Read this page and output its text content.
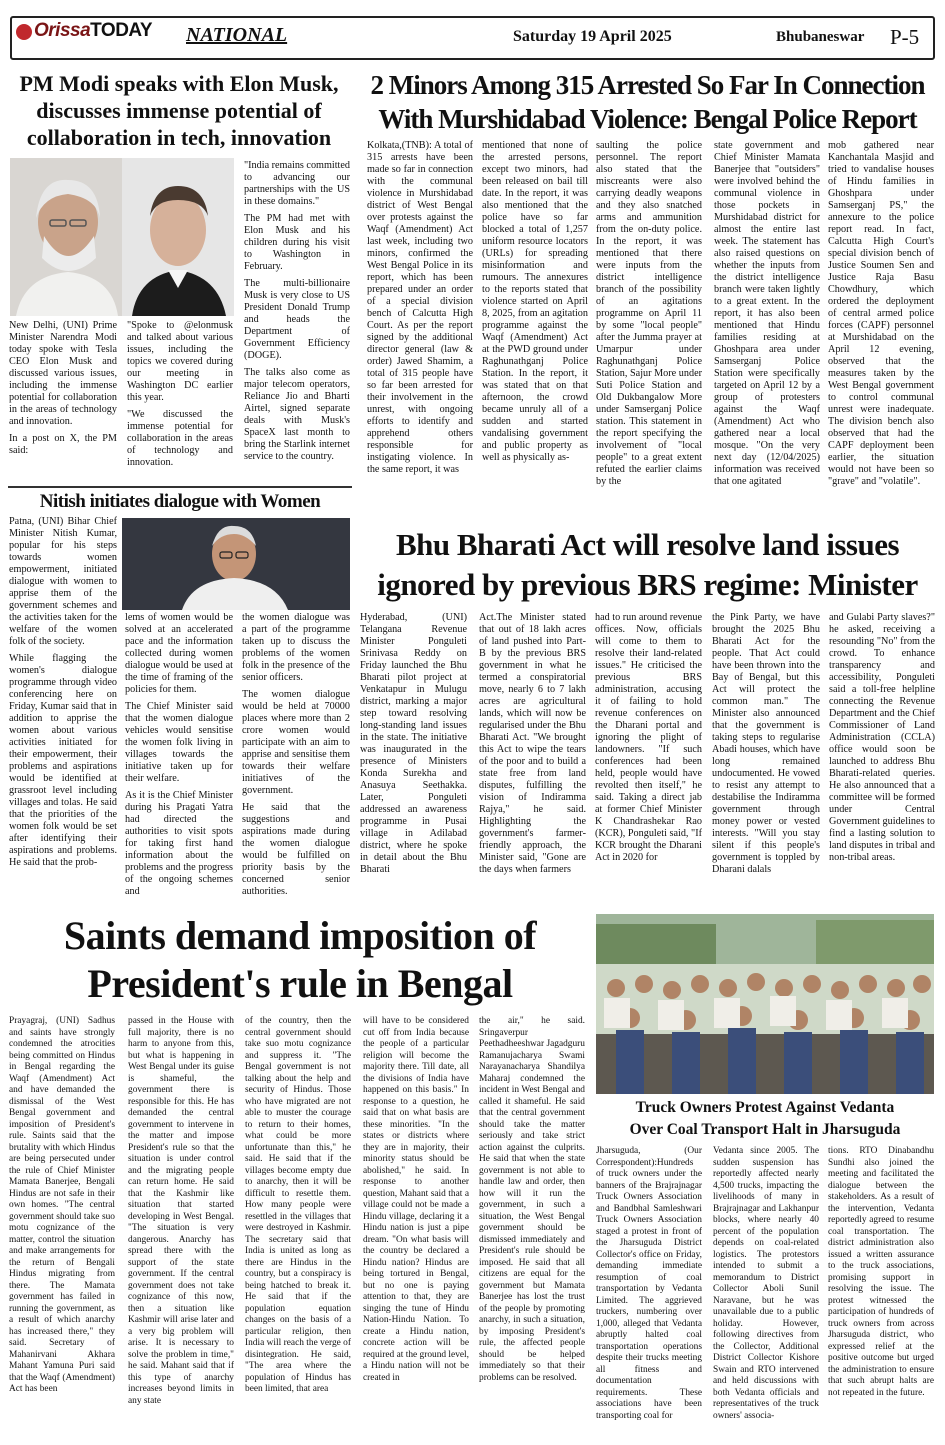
OrissaTODAY NATIONAL	Saturday 19 April 2025	Bhubaneswar P-5
PM Modi speaks with Elon Musk, discusses immense potential of collaboration in tech, innovation

New Delhi, (UNI) Prime Minister Narendra Modi today spoke with Tesla CEO Elon Musk and discussed various issues, including the immense potential for collaboration in the areas of technology and innovation.

In a post on X, the PM said:

"Spoke to @elonmusk and talked about various issues, including the topics we covered during our meeting in Washington DC earlier this year.

"We discussed the immense potential for collaboration in the areas of technology and innovation.

"India remains committed to advancing our partnerships with the US in these domains."

The PM had met with Elon Musk and his children during his visit to Washington in February.

The multi-billionaire Musk is very close to US President Donald Trump and heads the Department of Government Efficiency (DOGE).

The talks also come as major telecom operators, Reliance Jio and Bharti Airtel, signed separate deals with Musk's SpaceX last month to bring the Starlink internet service to the country.

2 Minors Among 315 Arrested So Far In Connection
With Murshidabad Violence: Bengal Police Report
Kolkata,(TNB): A total of 315 arrests have been made so far in connection with the communal violence in Murshidabad district of West Bengal over protests against the Waqf (Amendment) Act last week, including two minors, confirmed the West Bengal Police in its report, which has been prepared under an order of a special division bench of Calcutta High Court. As per the report signed by the additional director general (law & order) Jawed Shamim, a total of 315 people have so far been arrested for their involvement in the unrest, with ongoing efforts to identify and apprehend others responsible for instigating violence. In the same report, it was
mentioned that none of the arrested persons, except two minors, had been released on bail till date. In the report, it was also mentioned that the police have so far blocked a total of 1,257 uniform resource locators (URLs) for spreading misinformation and rumours. The annexures to the reports stated that violence started on April 8, 2025, from an agitation programme against the Waqf (Amendment) Act at the PWD ground under Raghunathganj Police Station. In the report, it was stated that on that afternoon, the crowd became unruly all of a sudden and started vandalising government and public property as well as physically as-
saulting the police personnel. The report also stated that the miscreants were also carrying deadly weapons and they also snatched arms and ammunition from the on-duty police. In the report, it was mentioned that there were inputs from the district intelligence branch of the possibility of an agitations programme on April 11 by some "local people" after the Jumma prayer at Umarpur under Raghunathganj Police Station, Sajur More under Suti Police Station and Old Dukbangalow More under Samserganj Police station. This statement in the report specifying the involvement of "local people" to a great extent refuted the earlier claims by the
state government and Chief Minister Mamata Banerjee that "outsiders" were involved behind the communal violence in those pockets in Murshidabad district for almost the entire last week. The statement has also raised questions on whether the inputs from the district intelligence branch were taken lightly to a great extent. In the report, it has also been mentioned that Hindu families residing at Ghoshpara area under Samserganj Police Station were specifically targeted on April 12 by a group of protesters against the Waqf (Amendment) Act who gathered near a local mosque. "On the very next day (12/04/2025) information was received that one agitated
mob gathered near Kanchantala Masjid and tried to vandalise houses of Hindu families in Ghoshpara under Samserganj PS," the annexure to the police report read. In fact, Calcutta High Court's special division bench of Justice Soumen Sen and Justice Raja Basu Chowdhury, which ordered the deployment of central armed police forces (CAPF) personnel at Murshidabad on the April 12 evening, observed that the measures taken by the West Bengal government to control communal unrest were inadequate. The division bench also observed that had the CAPF deployment been earlier, the situation would not have been so "grave" and "volatile".
Nitish initiates dialogue with Women

Patna, (UNI) Bihar Chief Minister Nitish Kumar, popular for his steps towards women empowerment, initiated dialogue with women to apprise them of the government schemes and the activities taken for the welfare of the women folk of the society.

While flagging the women's dialogue programme through video conferencing here on Friday, Kumar said that in addition to apprise the women about various activities initiated for their empowerment, their problems and aspirations would be identified at grassroot level including villages and tolas. He said that the priorities of the women folk would be set after identifying their aspirations and problems. He said that the prob-

lems of women would be solved at an accelerated pace and the information collected during women dialogue would be used at the time of framing of the policies for them.

The Chief Minister said that the women dialogue vehicles would sensitise the women folk living in villages towards the initiative taken up for their welfare.

As it is the Chief Minister during his Pragati Yatra had directed the authorities to visit spots for taking first hand information about the problems and the progress of the ongoing schemes and

the women dialogue was a part of the programme taken up to discuss the problems of the women folk in the presence of the senior officers.

The women dialogue would be held at 70000 places where more than 2 crore women would participate with an aim to apprise and sensitise them towards their welfare initiatives of the government.

He said that the suggestions and aspirations made during the women dialogue would be fulfilled on priority basis by the concerned senior authorities.

Bhu Bharati Act will resolve land issues ignored by previous BRS regime: Minister
Hyderabad, (UNI) Telangana Revenue Minister Ponguleti Srinivasa Reddy on Friday launched the Bhu Bharati pilot project at Venkatapur in Mulugu district, marking a major step toward resolving long-standing land issues in the state. The initiative was inaugurated in the presence of Ministers Konda Surekha and Anasuya Seethakka. Later, Ponguleti addressed an awareness programme in Pusai village in Adilabad district, where he spoke in detail about the Bhu Bharati
Act.The Minister stated that out of 18 lakh acres of land pushed into Part-B by the previous BRS government in what he termed a conspiratorial move, nearly 6 to 7 lakh acres are agricultural lands, which will now be regularised under the Bhu Bharati Act. "We brought this Act to wipe the tears of the poor and to build a state free from land disputes, fulfilling the vision of Indiramma Rajya," he said. Highlighting the government's farmer-friendly approach, the Minister said, "Gone are the days when farmers
had to run around revenue offices. Now, officials will come to them to resolve their land-related issues." He criticised the previous BRS administration, accusing it of failing to hold revenue conferences on the Dharani portal and ignoring the plight of landowners. "If such conferences had been held, people would have revolted then itself," he said. Taking a direct jab at former Chief Minister K Chandrashekar Rao (KCR), Ponguleti said, "If KCR brought the Dharani Act in 2020 for
the Pink Party, we have brought the 2025 Bhu Bharati Act for the people. That Act could have been thrown into the Bay of Bengal, but this Act will protect the common man." The Minister also announced that the government is taking steps to regularise Abadi houses, which have long remained undocumented. He vowed to resist any attempt to destabilise the Indiramma government through money power or vested interests. "Will you stay silent if this people's government is toppled by Dharani dalals
and Gulabi Party slaves?" he asked, receiving a resounding "No" from the crowd. To enhance transparency and accessibility, Ponguleti said a toll-free helpline connecting the Revenue Department and the Chief Commissioner of Land Administration (CCLA) office would soon be launched to address Bhu Bharati-related queries. He also announced that a committee will be formed under Central Government guidelines to find a lasting solution to land disputes in tribal and non-tribal areas.
Saints demand imposition of
President's rule in Bengal
Prayagraj, (UNI) Sadhus and saints have strongly condemned the atrocities being committed on Hindus in Bengal regarding the Waqf (Amendment) Act and have demanded the dismissal of the West Bengal government and imposition of President's rule. Saints said that the brutality with which Hindus are being persecuted under the rule of Chief Minister Mamata Banerjee, Bengali Hindus are not safe in their own homes. "The central government should take suo motu cognizance of the matter, control the situation and make arrangements for the return of Bengali Hindus migrating from there. The Mamata government has failed in running the government, as a result of which anarchy has increased there," they said. Secretary of Mahanirvani Akhara Mahant Yamuna Puri said that the Waqf (Amendment) Act has been
passed in the House with full majority, there is no harm to anyone from this, but what is happening in West Bengal under its guise is shameful, the government there is responsible for this. He has demanded the central government to intervene in the matter and impose President's rule so that the situation is under control and the migrating people can return home. He said that the Kashmir like situation that started developing in West Bengal. "The situation is very dangerous. Anarchy has spread there with the support of the state government. If the central government does not take cognizance of this now, then a situation like Kashmir will arise later and a very big problem will arise. It is necessary to solve the problem in time," he said. Mahant said that if this type of anarchy increases beyond limits in any state
of the country, then the central government should take suo motu cognizance and suppress it. "The Bengal government is not talking about the help and security of Hindus. Those who have migrated are not able to muster the courage to return to their homes, what could be more unfortunate than this," he said. He said that if the villages become empty due to anarchy, then it will be difficult to resettle them. How many people were resettled in the villages that were destroyed in Kashmir. The secretary said that India is united as long as there are Hindus in the country, but a conspiracy is being hatched to break it. He said that if the population equation changes on the basis of a particular religion, then India will reach the verge of disintegration. He said, "The area where the population of Hindus has been limited, that area
will have to be considered cut off from India because the people of a particular religion will become the majority there. Till date, all the divisions of India have happened on this basis." In response to a question, he said that on what basis are these minorities. "In the states or districts where they are in majority, their minority status should be abolished," he said. In response to another question, Mahant said that a village could not be made a Hindu village, declaring it a Hindu nation is just a pipe dream. "On what basis will the country be declared a Hindu nation? Hindus are being tortured in Bengal, but no one is paying attention to that, they are singing the tune of Hindu Nation-Hindu Nation. To create a Hindu nation, concrete action will be required at the ground level, a Hindu nation will not be created in
the air," he said. Sringaverpur Peethadheeshwar Jagadguru Ramanujacharya Swami Narayanacharya Shandilya Maharaj condemned the incident in West Bengal and called it shameful. He said that the central government should take the matter seriously and take strict action against the culprits. He said that when the state government is not able to handle law and order, then how will it run the government, in such a situation, the West Bengal government should be dismissed immediately and President's rule should be imposed. He said that all citizens are equal for the government but Mamata Banerjee has lost the trust of the people by promoting anarchy, in such a situation, by imposing President's rule, the affected people should be helped immediately so that their problems can be resolved.
Truck Owners Protest Against Vedanta
Over Coal Transport Halt in Jharsuguda
Jharsuguda, (Our Correspondent):Hundreds of truck owners under the banners of the Brajrajnagar Truck Owners Association and Bandbhal Samleshwari Truck Owners Association staged a protest in front of the Jharsuguda District Collector's office on Friday, demanding immediate resumption of coal transportation by Vedanta Limited. The aggrieved truckers, numbering over 1,000, alleged that Vedanta abruptly halted coal transportation operations despite their trucks meeting all fitness and documentation requirements. These associations have been transporting coal for
Vedanta since 2005. The sudden suspension has reportedly affected nearly 4,500 trucks, impacting the livelihoods of many in Brajrajnagar and Lakhanpur blocks, where nearly 40 percent of the population depends on coal-related logistics. The protestors intended to submit a memorandum to District Collector Aboli Sunil Naravane, but he was unavailable due to a public holiday. However, following directives from the Collector, Additional District Collector Kishore Swain and RTO intervened and held discussions with both Vedanta officials and representatives of the truck owners' associa-
tions. RTO Dinabandhu Sundhi also joined the meeting and facilitated the dialogue between the stakeholders. As a result of the intervention, Vedanta reportedly agreed to resume coal transportation. The district administration also issued a written assurance to the truck associations, promising support in resolving the issue. The protest witnessed the participation of hundreds of truck owners from across Jharsuguda district, who expressed relief at the positive outcome but urged the administration to ensure that such abrupt halts are not repeated in the future.
